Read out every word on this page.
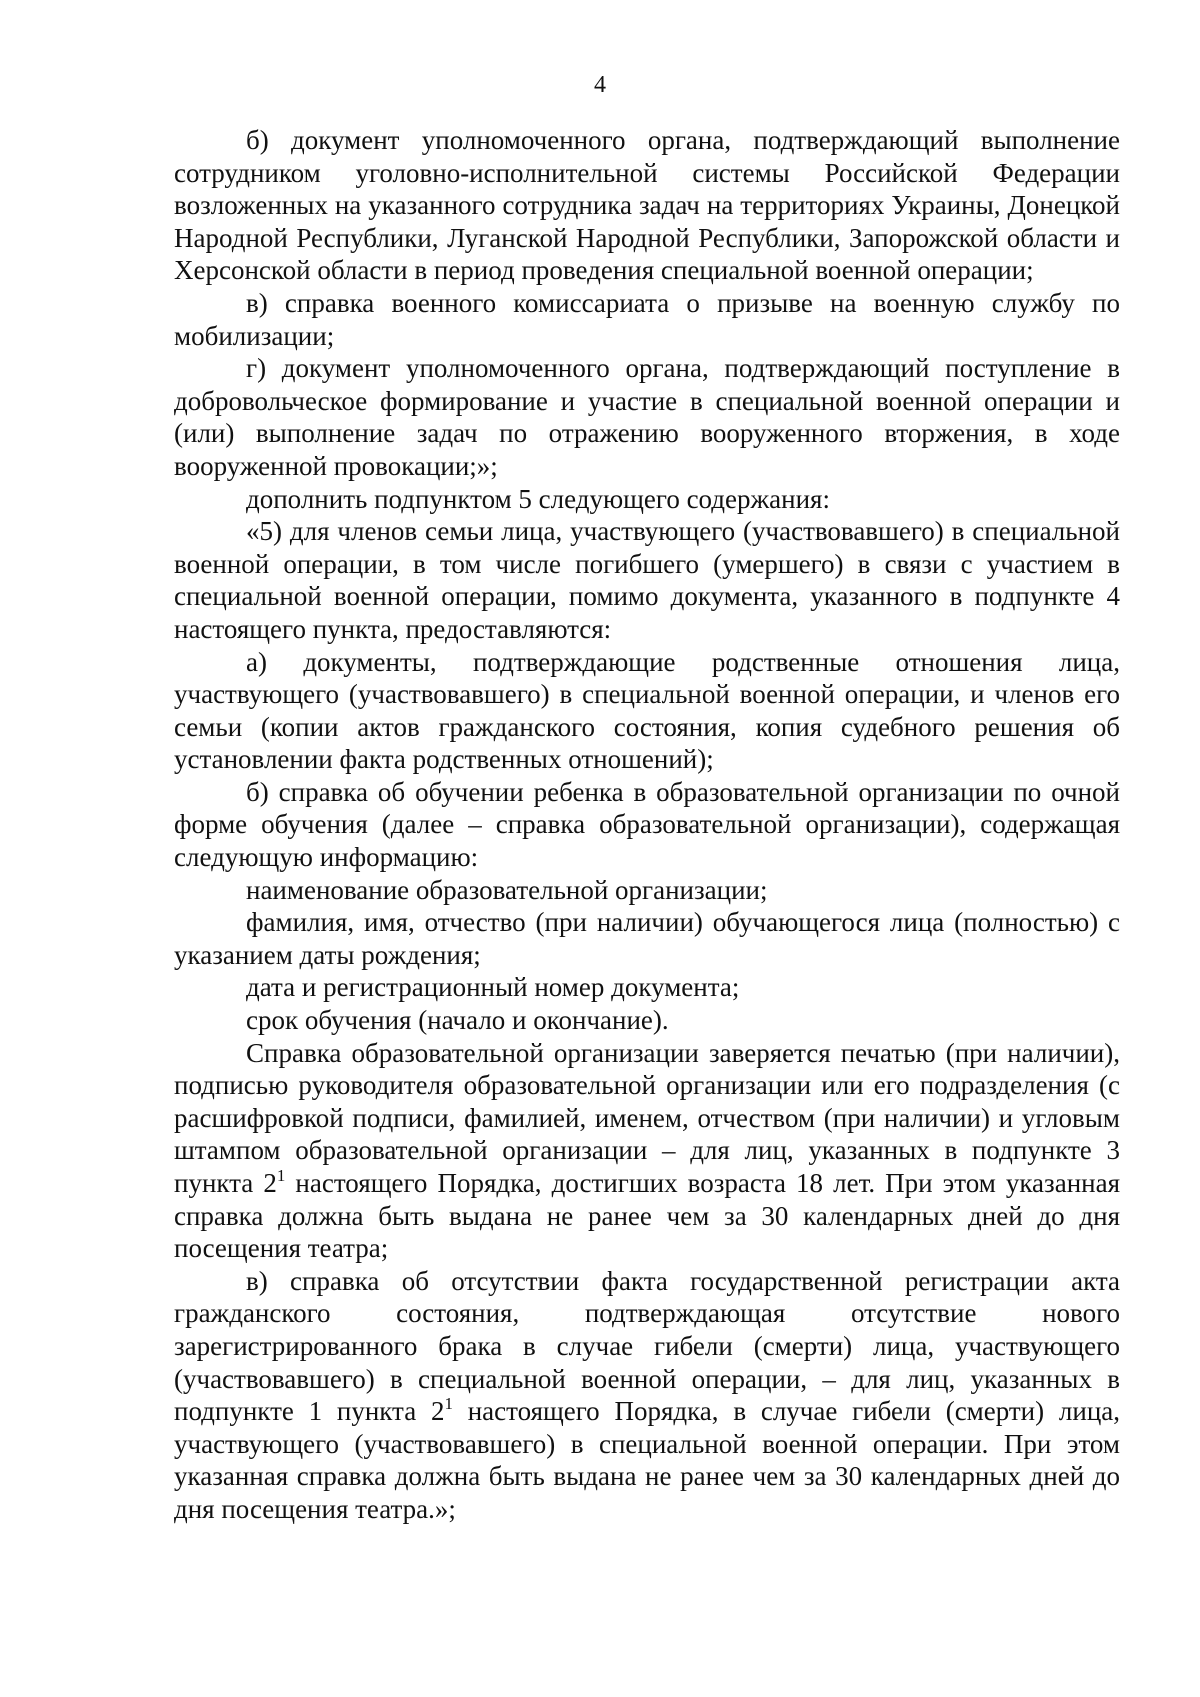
4

б) документ уполномоченного органа, подтверждающий выполнение сотрудником уголовно-исполнительной системы Российской Федерации возложенных на указанного сотрудника задач на территориях Украины, Донецкой Народной Республики, Луганской Народной Республики, Запорожской области и Херсонской области в период проведения специальной военной операции;

в) справка военного комиссариата о призыве на военную службу по мобилизации;

г) документ уполномоченного органа, подтверждающий поступление в добровольческое формирование и участие в специальной военной операции и (или) выполнение задач по отражению вооруженного вторжения, в ходе вооруженной провокации;»;

дополнить подпунктом 5 следующего содержания:

«5) для членов семьи лица, участвующего (участвовавшего) в специальной военной операции, в том числе погибшего (умершего) в связи с участием в специальной военной операции, помимо документа, указанного в подпункте 4 настоящего пункта, предоставляются:

а) документы, подтверждающие родственные отношения лица, участвующего (участвовавшего) в специальной военной операции, и членов его семьи (копии актов гражданского состояния, копия судебного решения об установлении факта родственных отношений);

б) справка об обучении ребенка в образовательной организации по очной форме обучения (далее – справка образовательной организации), содержащая следующую информацию:

наименование образовательной организации;

фамилия, имя, отчество (при наличии) обучающегося лица (полностью) с указанием даты рождения;

дата и регистрационный номер документа;

срок обучения (начало и окончание).

Справка образовательной организации заверяется печатью (при наличии), подписью руководителя образовательной организации или его подразделения (с расшифровкой подписи, фамилией, именем, отчеством (при наличии) и угловым штампом образовательной организации – для лиц, указанных в подпункте 3 пункта $2^1$ настоящего Порядка, достигших возраста 18 лет. При этом указанная справка должна быть выдана не ранее чем за 30 календарных дней до дня посещения театра;

в) справка об отсутствии факта государственной регистрации акта гражданского состояния, подтверждающая отсутствие нового зарегистрированного брака в случае гибели (смерти) лица, участвующего (участвовавшего) в специальной военной операции, – для лиц, указанных в подпункте 1 пункта $2^1$ настоящего Порядка, в случае гибели (смерти) лица, участвующего (участвовавшего) в специальной военной операции. При этом указанная справка должна быть выдана не ранее чем за 30 календарных дней до дня посещения театра.»;
